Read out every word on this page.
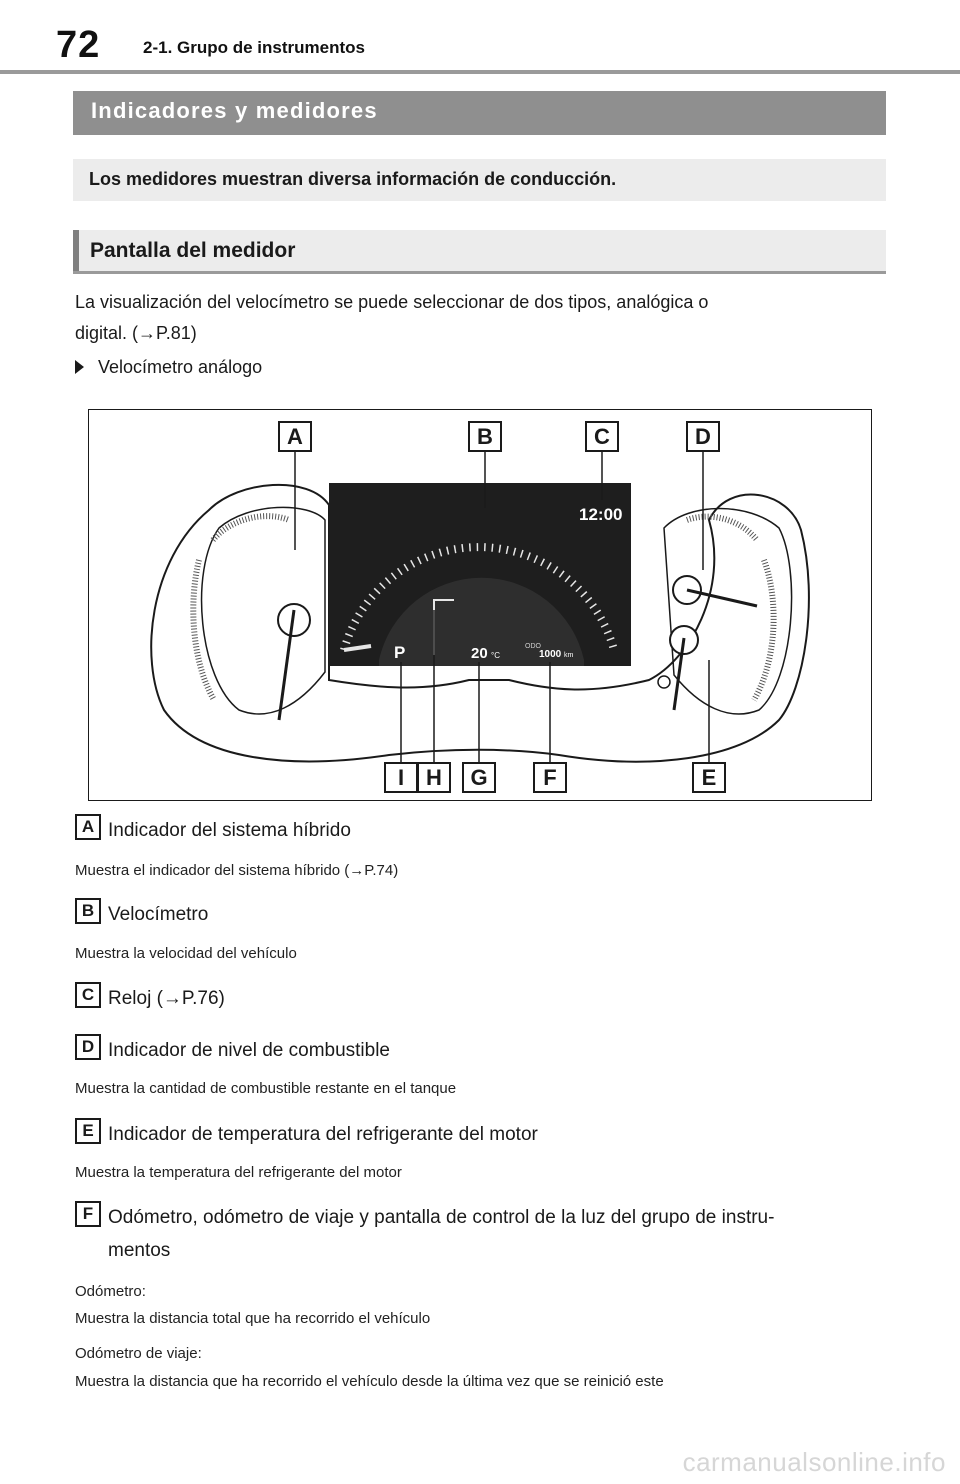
72	2-1. Grupo de instrumentos
Indicadores y medidores
Los medidores muestran diversa información de conducción.
Pantalla del medidor
La visualización del velocímetro se puede seleccionar de dos tipos, analógica o
digital. (→P.81)
Velocímetro análogo
12:00
P	20 °C
ODO
1000 km
A	B	C	D
I H	G	F	E
A Indicador del sistema híbrido
Muestra el indicador del sistema híbrido (→P.74)
B Velocímetro
Muestra la velocidad del vehículo
C Reloj (→P.76)
D Indicador de nivel de combustible
Muestra la cantidad de combustible restante en el tanque
E Indicador de temperatura del refrigerante del motor
Muestra la temperatura del refrigerante del motor
F Odómetro, odómetro de viaje y pantalla de control de la luz del grupo de instru-
mentos
Odómetro:
Muestra la distancia total que ha recorrido el vehículo
Odómetro de viaje:
Muestra la distancia que ha recorrido el vehículo desde la última vez que se reinició este
carmanualsonline.info
